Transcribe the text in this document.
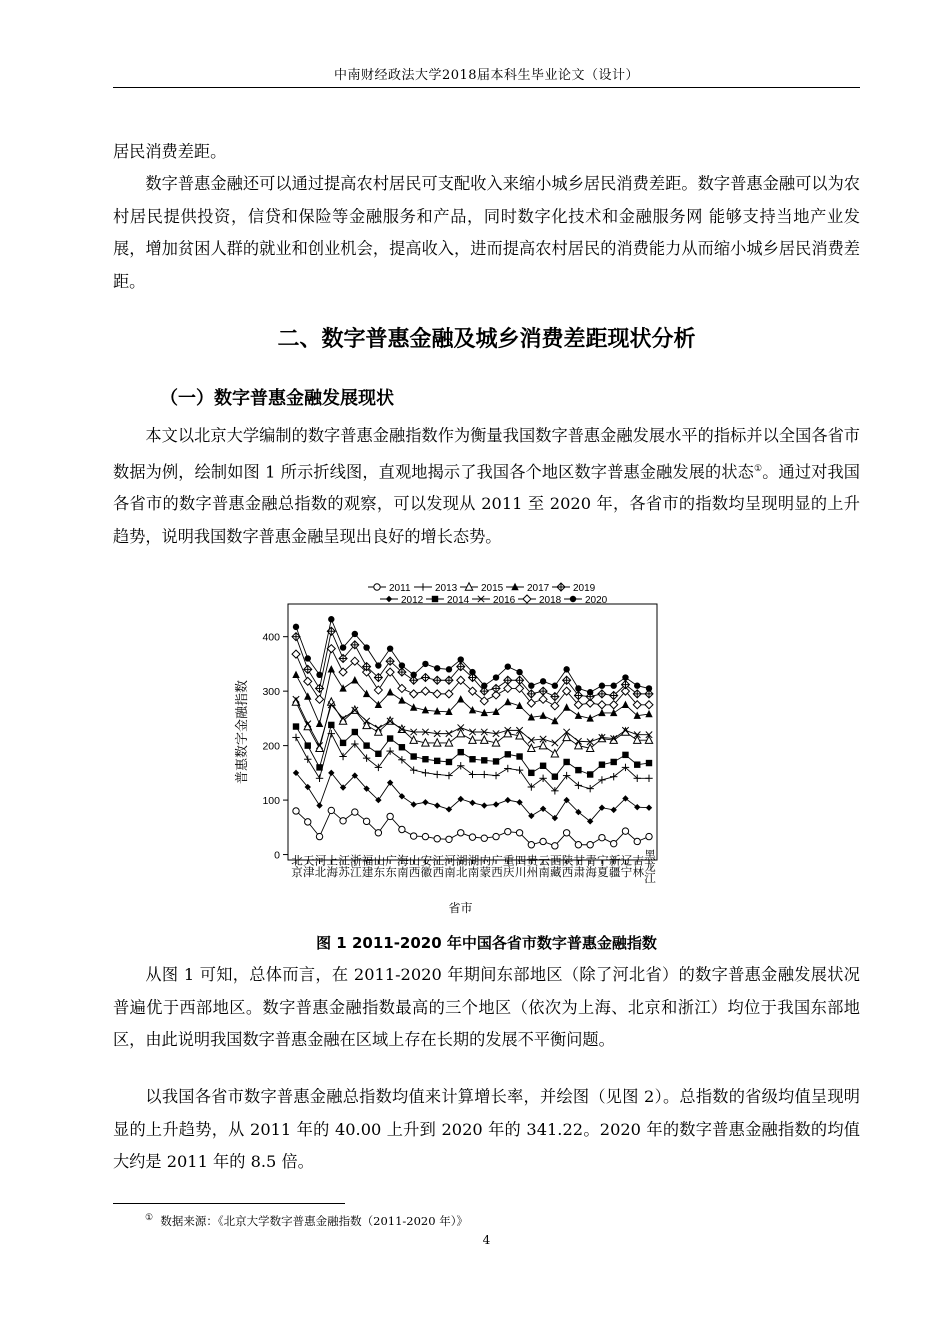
中南财经政法大学2018届本科生毕业论文（设计）

居民消费差距。

数字普惠金融还可以通过提高农村居民可支配收入来缩小城乡居民消费差距。数字普惠金融可以为农村居民提供投资，信贷和保险等金融服务和产品，同时数字化技术和金融服务网 能够支持当地产业发展，增加贫困人群的就业和创业机会，提高收入，进而提高农村居民的消费能力从而缩小城乡居民消费差距。

二、数字普惠金融及城乡消费差距现状分析
（一）数字普惠金融发展现状

本文以北京大学编制的数字普惠金融指数作为衡量我国数字普惠金融发展水平的指标并以全国各省市数据为例，绘制如图 1 所示折线图，直观地揭示了我国各个地区数字普惠金融发展的状态①。通过对我国各省市的数字普惠金融总指数的观察，可以发现从 2011 至 2020 年，各省市的指数均呈现明显的上升趋势，说明我国数字普惠金融呈现出良好的增长态势。

0
100
200
300
400
普惠数字金融指数
北京 天津 河北 上海 江苏 浙江 福建 山东 广东 海南 山西 安徽 江西 河南 湖北 湖南 内蒙 广西 重庆 四川 贵州 云南 西藏 陕西 甘肃 青海 宁夏 新疆 辽宁 吉林 黑龙江
省市
2011
2012
2013
2014
2015
2016
2017
2018
2019
2020
图 1 2011-2020 年中国各省市数字普惠金融指数

从图 1 可知，总体而言，在 2011-2020 年期间东部地区（除了河北省）的数字普惠金融发展状况普遍优于西部地区。数字普惠金融指数最高的三个地区（依次为上海、北京和浙江）均位于我国东部地区，由此说明我国数字普惠金融在区域上存在长期的发展不平衡问题。

以我国各省市数字普惠金融总指数均值来计算增长率，并绘图（见图 2）。总指数的省级均值呈现明显的上升趋势，从 2011 年的 40.00 上升到 2020 年的 341.22。2020 年的数字普惠金融指数的均值大约是 2011 年的 8.5 倍。

① 数据来源：《北京大学数字普惠金融指数（2011-2020 年）》
4
